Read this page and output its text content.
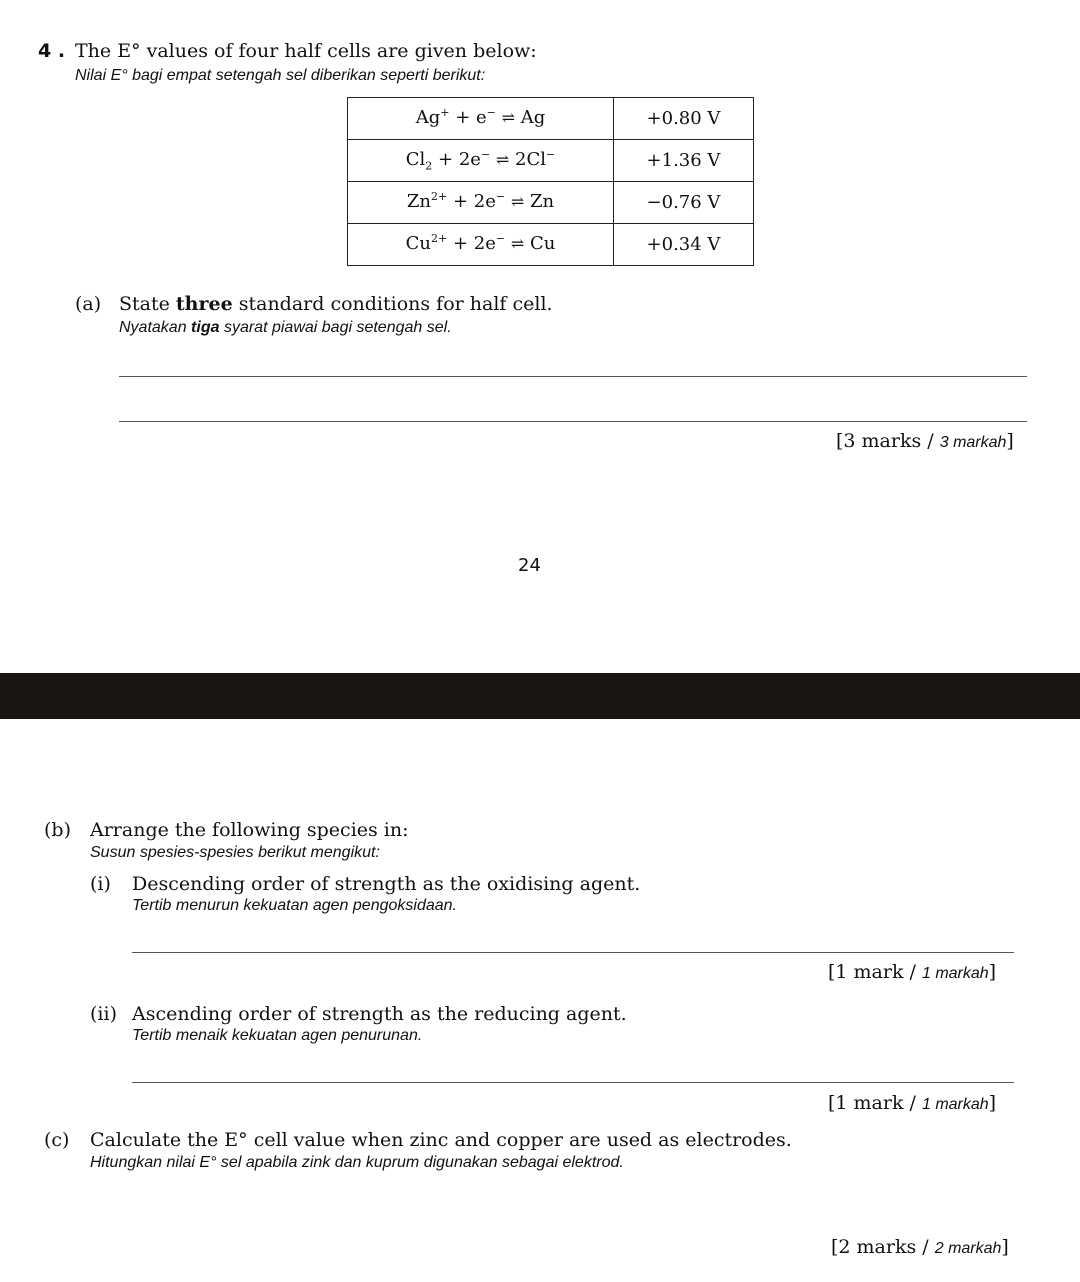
4 . The E° values of four half cells are given below:
Nilai E° bagi empat setengah sel diberikan seperti berikut:
Ag+ + e− ⇌ Ag	+0.80 V
$Cl_2 + 2e^-$ ⇌ 2Cl−	+1.36 V
$Zn^{2+} + 2e^-$ ⇌ Zn	−0.76 V
$Cu^{2+} + 2e^-$ ⇌ Cu	+0.34 V
(a) State three standard conditions for half cell.
Nyatakan tiga syarat piawai bagi setengah sel.
[3 marks / 3 markah]
24
(b) Arrange the following species in:
Susun spesies-spesies berikut mengikut:
(i) Descending order of strength as the oxidising agent.
Tertib menurun kekuatan agen pengoksidaan.
[1 mark / 1 markah]
(ii) Ascending order of strength as the reducing agent.
Tertib menaik kekuatan agen penurunan.
[1 mark / 1 markah]
(c) Calculate the E° cell value when zinc and copper are used as electrodes.
Hitungkan nilai E° sel apabila zink dan kuprum digunakan sebagai elektrod.
[2 marks / 2 markah]
